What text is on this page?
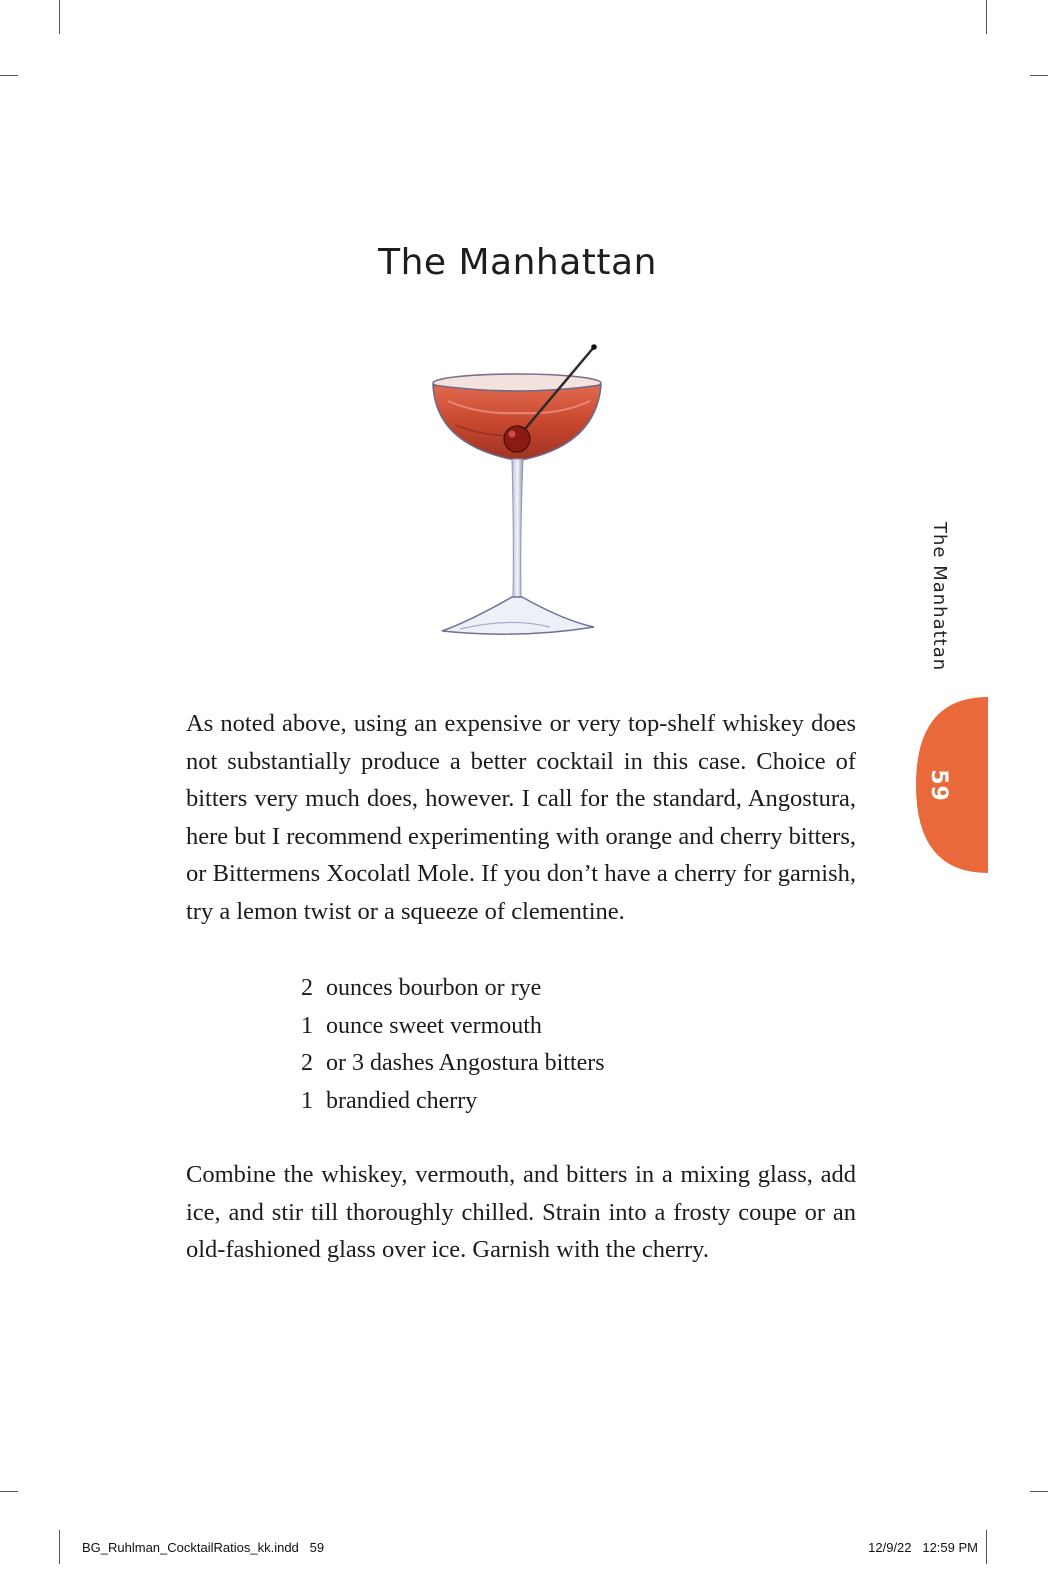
The Manhattan
The Manhattan
59

As noted above, using an expensive or very top-shelf whiskey does not substantially produce a better cocktail in this case. Choice of bitters very much does, however. I call for the standard, Angostura, here but I recommend experimenting with orange and cherry bitters, or Bittermens Xocolatl Mole. If you don’t have a cherry for garnish, try a lemon twist or a squeeze of clementine.

2 ounces bourbon or rye
1 ounce sweet vermouth
2 or 3 dashes Angostura bitters
1 brandied cherry

Combine the whiskey, vermouth, and bitters in a mixing glass, add ice, and stir till thoroughly chilled. Strain into a frosty coupe or an old-fashioned glass over ice. Garnish with the cherry.

BG_Ruhlman_CocktailRatios_kk.indd   59	12/9/22   12:59 PM
